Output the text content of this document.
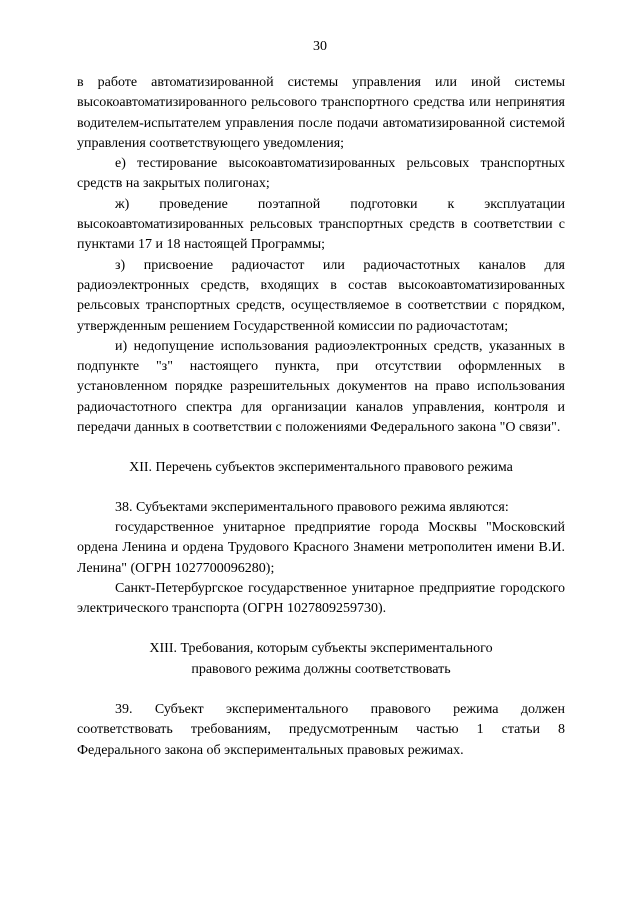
30

в работе автоматизированной системы управления или иной системы высокоавтоматизированного рельсового транспортного средства или непринятия водителем-испытателем управления после подачи автоматизированной системой управления соответствующего уведомления;

е) тестирование высокоавтоматизированных рельсовых транспортных средств на закрытых полигонах;

ж) проведение поэтапной подготовки к эксплуатации высокоавтоматизированных рельсовых транспортных средств в соответствии с пунктами 17 и 18 настоящей Программы;

з) присвоение радиочастот или радиочастотных каналов для радиоэлектронных средств, входящих в состав высокоавтоматизированных рельсовых транспортных средств, осуществляемое в соответствии с порядком, утвержденным решением Государственной комиссии по радиочастотам;

и) недопущение использования радиоэлектронных средств, указанных в подпункте "з" настоящего пункта, при отсутствии оформленных в установленном порядке разрешительных документов на право использования радиочастотного спектра для организации каналов управления, контроля и передачи данных в соответствии с положениями Федерального закона "О связи".

XII. Перечень субъектов экспериментального правового режима

38. Субъектами экспериментального правового режима являются:

государственное унитарное предприятие города Москвы "Московский ордена Ленина и ордена Трудового Красного Знамени метрополитен имени В.И. Ленина" (ОГРН 1027700096280);

Санкт-Петербургское государственное унитарное предприятие городского электрического транспорта (ОГРН 1027809259730).

XIII. Требования, которым субъекты экспериментального
правового режима должны соответствовать

39. Субъект экспериментального правового режима должен соответствовать требованиям, предусмотренным частью 1 статьи 8 Федерального закона об экспериментальных правовых режимах.
